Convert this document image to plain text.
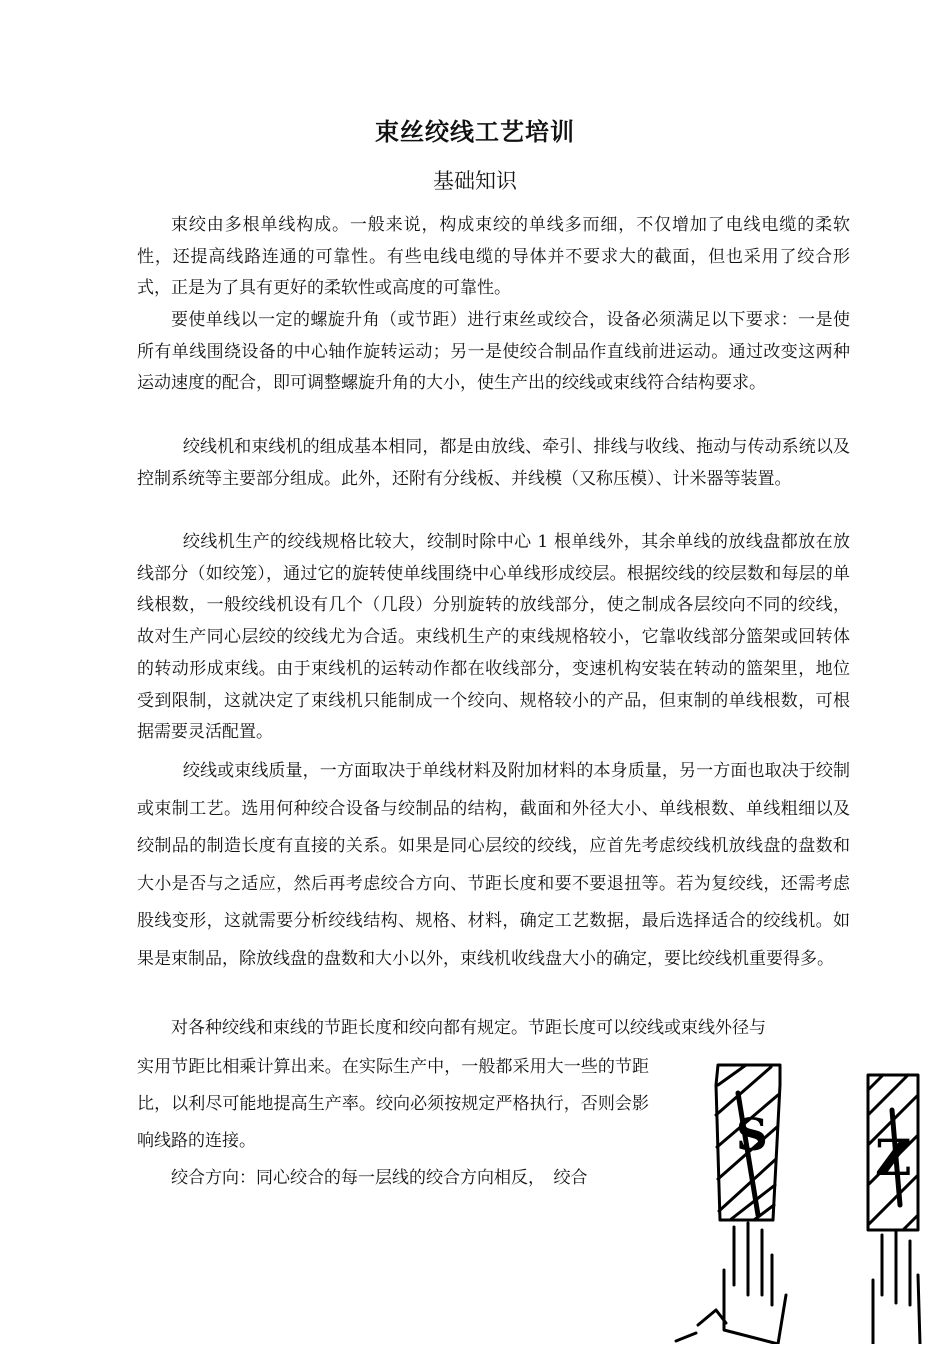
束丝绞线工艺培训
基础知识

束绞由多根单线构成。一般来说，构成束绞的单线多而细，不仅增加了电线电缆的柔软性，还提高线路连通的可靠性。有些电线电缆的导体并不要求大的截面，但也采用了绞合形式，正是为了具有更好的柔软性或高度的可靠性。

要使单线以一定的螺旋升角（或节距）进行束丝或绞合，设备必须满足以下要求：一是使所有单线围绕设备的中心轴作旋转运动；另一是使绞合制品作直线前进运动。通过改变这两种运动速度的配合，即可调整螺旋升角的大小，使生产出的绞线或束线符合结构要求。

绞线机和束线机的组成基本相同，都是由放线、牵引、排线与收线、拖动与传动系统以及控制系统等主要部分组成。此外，还附有分线板、并线模（又称压模）、计米器等装置。

绞线机生产的绞线规格比较大，绞制时除中心 1 根单线外，其余单线的放线盘都放在放线部分（如绞笼），通过它的旋转使单线围绕中心单线形成绞层。根据绞线的绞层数和每层的单线根数，一般绞线机设有几个（几段）分别旋转的放线部分，使之制成各层绞向不同的绞线，故对生产同心层绞的绞线尤为合适。束线机生产的束线规格较小，它靠收线部分篮架或回转体的转动形成束线。由于束线机的运转动作都在收线部分，变速机构安装在转动的篮架里，地位受到限制，这就决定了束线机只能制成一个绞向、规格较小的产品，但束制的单线根数，可根据需要灵活配置。

绞线或束线质量，一方面取决于单线材料及附加材料的本身质量，另一方面也取决于绞制或束制工艺。选用何种绞合设备与绞制品的结构，截面和外径大小、单线根数、单线粗细以及绞制品的制造长度有直接的关系。如果是同心层绞的绞线，应首先考虑绞线机放线盘的盘数和大小是否与之适应，然后再考虑绞合方向、节距长度和要不要退扭等。若为复绞线，还需考虑股线变形，这就需要分析绞线结构、规格、材料，确定工艺数据，最后选择适合的绞线机。如果是束制品，除放线盘的盘数和大小以外，束线机收线盘大小的确定，要比绞线机重要得多。

对各种绞线和束线的节距长度和绞向都有规定。节距长度可以绞线或束线外径与

实用节距比相乘计算出来。在实际生产中，一般都采用大一些的节距比，以利尽可能地提高生产率。绞向必须按规定严格执行，否则会影响线路的连接。

绞合方向：同心绞合的每一层线的绞合方向相反，　绞合

S Z
